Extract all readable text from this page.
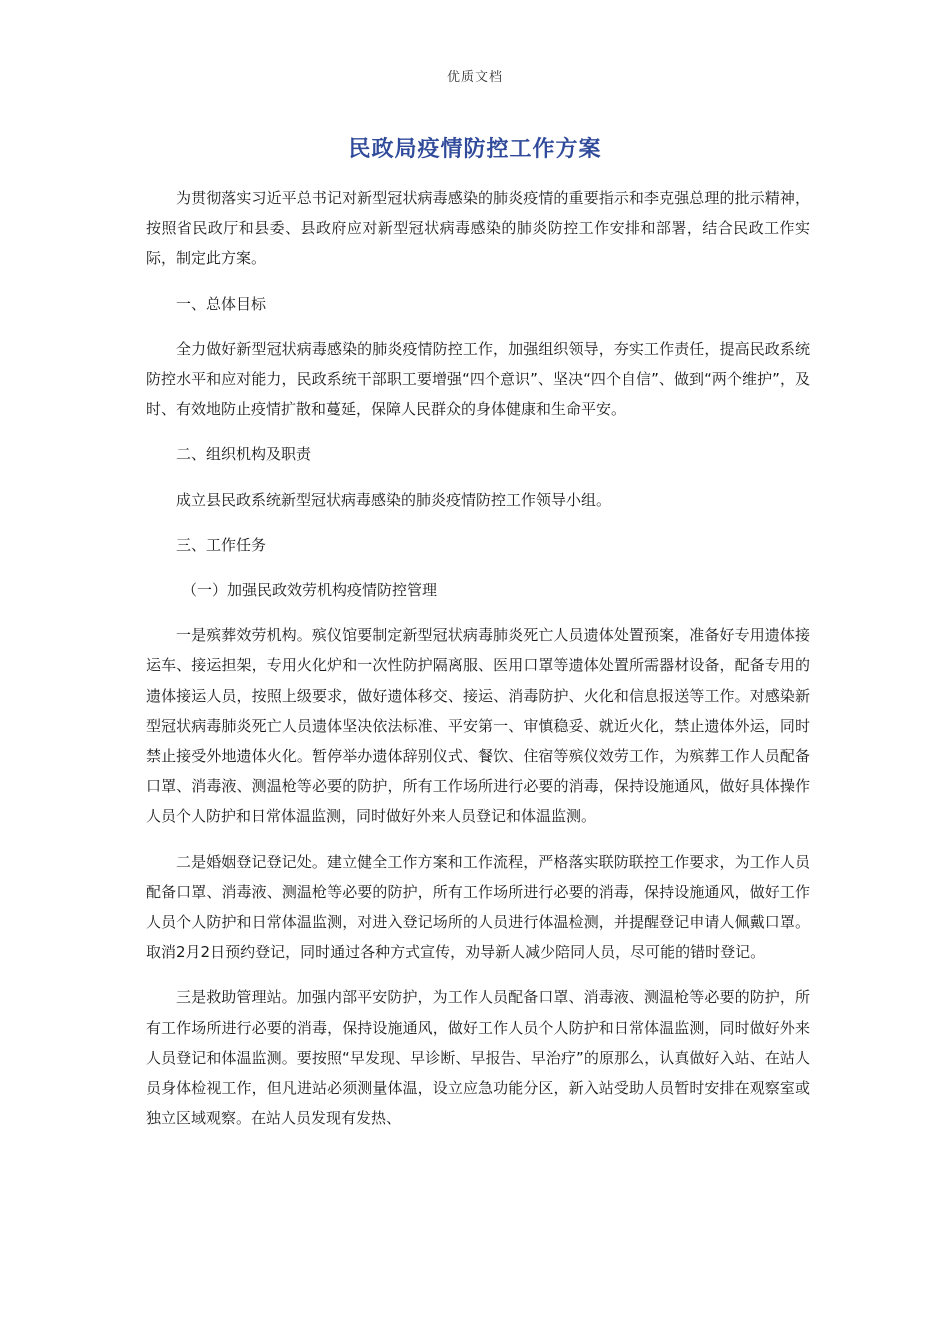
优质文档
民政局疫情防控工作方案

为贯彻落实习近平总书记对新型冠状病毒感染的肺炎疫情的重要指示和李克强总理的批示精神，按照省民政厅和县委、县政府应对新型冠状病毒感染的肺炎防控工作安排和部署，结合民政工作实际，制定此方案。

一、总体目标

全力做好新型冠状病毒感染的肺炎疫情防控工作，加强组织领导，夯实工作责任，提高民政系统防控水平和应对能力，民政系统干部职工要增强“四个意识”、坚决“四个自信”、做到“两个维护”，及时、有效地防止疫情扩散和蔓延，保障人民群众的身体健康和生命平安。

二、组织机构及职责

成立县民政系统新型冠状病毒感染的肺炎疫情防控工作领导小组。

三、工作任务

（一）加强民政效劳机构疫情防控管理

一是殡葬效劳机构。殡仪馆要制定新型冠状病毒肺炎死亡人员遗体处置预案，准备好专用遗体接运车、接运担架，专用火化炉和一次性防护隔离服、医用口罩等遗体处置所需器材设备，配备专用的遗体接运人员，按照上级要求，做好遗体移交、接运、消毒防护、火化和信息报送等工作。对感染新型冠状病毒肺炎死亡人员遗体坚决依法标准、平安第一、审慎稳妥、就近火化，禁止遗体外运，同时禁止接受外地遗体火化。暂停举办遗体辞别仪式、餐饮、住宿等殡仪效劳工作，为殡葬工作人员配备口罩、消毒液、测温枪等必要的防护，所有工作场所进行必要的消毒，保持设施通风，做好具体操作人员个人防护和日常体温监测，同时做好外来人员登记和体温监测。

二是婚姻登记登记处。建立健全工作方案和工作流程，严格落实联防联控工作要求，为工作人员配备口罩、消毒液、测温枪等必要的防护，所有工作场所进行必要的消毒，保持设施通风，做好工作人员个人防护和日常体温监测，对进入登记场所的人员进行体温检测，并提醒登记申请人佩戴口罩。取消2月2日预约登记，同时通过各种方式宣传，劝导新人减少陪同人员，尽可能的错时登记。

三是救助管理站。加强内部平安防护，为工作人员配备口罩、消毒液、测温枪等必要的防护，所有工作场所进行必要的消毒，保持设施通风，做好工作人员个人防护和日常体温监测，同时做好外来人员登记和体温监测。要按照“早发现、早诊断、早报告、早治疗”的原那么，认真做好入站、在站人员身体检视工作，但凡进站必须测量体温，设立应急功能分区，新入站受助人员暂时安排在观察室或独立区域观察。在站人员发现有发热、
